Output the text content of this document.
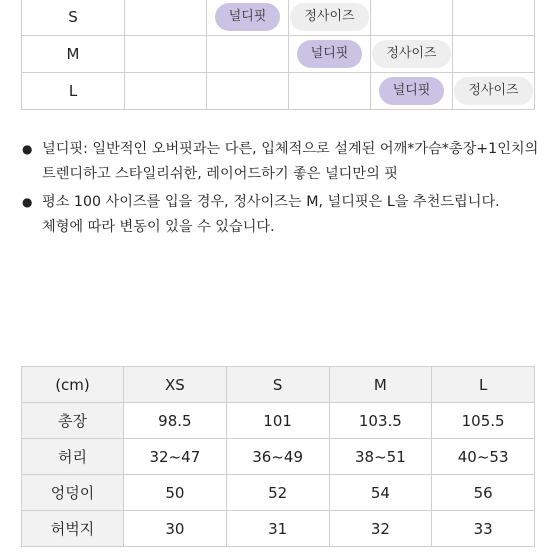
S		널디핏	정사이즈		
M			널디핏	정사이즈	
L				널디핏	정사이즈
● 널디핏: 일반적인 오버핏과는 다른, 입체적으로 설계된 어깨*가슴*총장+1인치의 트렌디하고 스타일리쉬한, 레이어드하기 좋은 널디만의 핏
● 평소 100 사이즈를 입을 경우, 정사이즈는 M, 널디핏은 L을 추천드립니다. 체형에 따라 변동이 있을 수 있습니다.
(cm)	XS	S	M	L
총장	98.5	101	103.5	105.5
허리	32~47	36~49	38~51	40~53
엉덩이	50	52	54	56
허벅지	30	31	32	33
